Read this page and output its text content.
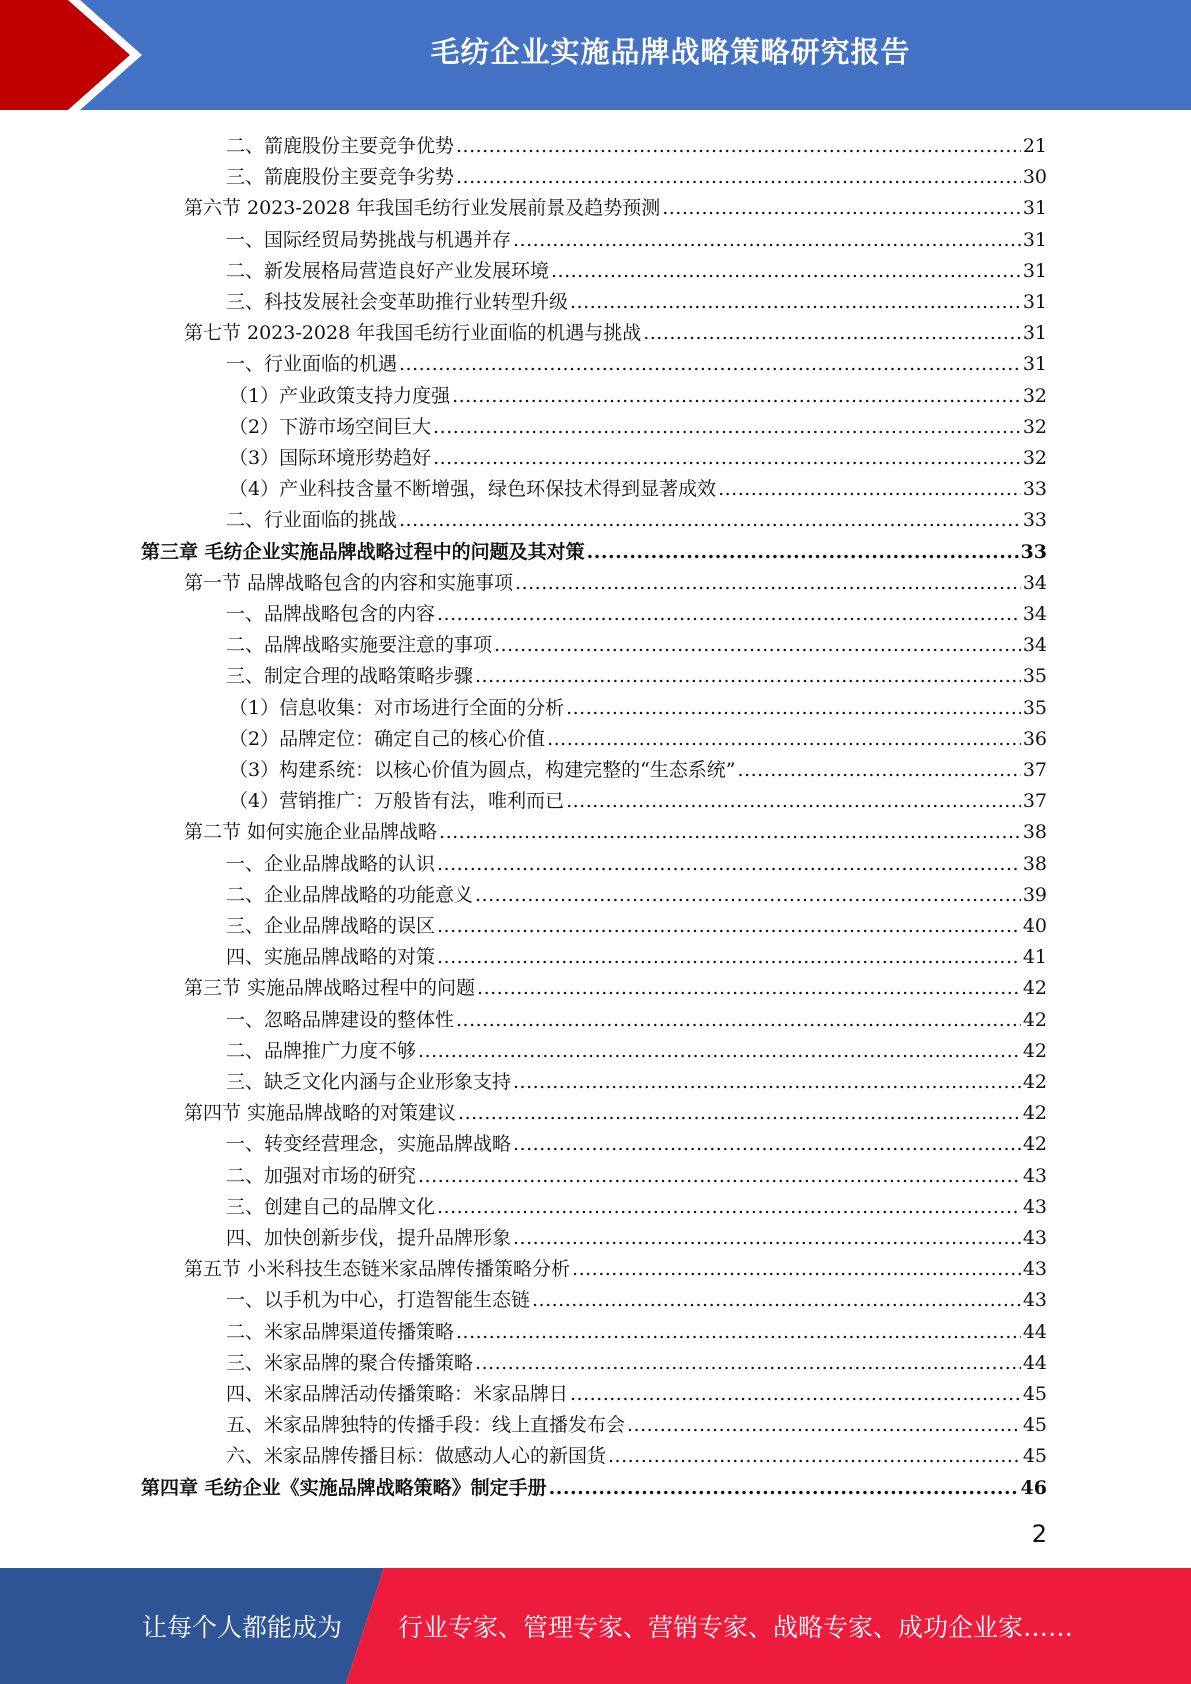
毛纺企业实施品牌战略策略研究报告
二、箭鹿股份主要竞争优势 .....	21
三、箭鹿股份主要竞争劣势 .....	30
第六节 2023-2028 年我国毛纺行业发展前景及趋势预测 .....	31
一、国际经贸局势挑战与机遇并存 .....	31
二、新发展格局营造良好产业发展环境 .....	31
三、科技发展社会变革助推行业转型升级 .....	31
第七节 2023-2028 年我国毛纺行业面临的机遇与挑战 .....	31
一、行业面临的机遇 .....	31
（1）产业政策支持力度强 .....	32
（2）下游市场空间巨大 .....	32
（3）国际环境形势趋好 .....	32
（4）产业科技含量不断增强，绿色环保技术得到显著成效 .....	33
二、行业面临的挑战 .....	33
第三章 毛纺企业实施品牌战略过程中的问题及其对策 .....	33
第一节 品牌战略包含的内容和实施事项 .....	34
一、品牌战略包含的内容 .....	34
二、品牌战略实施要注意的事项 .....	34
三、制定合理的战略策略步骤 .....	35
（1）信息收集：对市场进行全面的分析 .....	35
（2）品牌定位：确定自己的核心价值 .....	36
（3）构建系统：以核心价值为圆点，构建完整的“生态系统” .....	37
（4）营销推广：万般皆有法，唯利而已 .....	37
第二节 如何实施企业品牌战略 .....	38
一、企业品牌战略的认识 .....	38
二、企业品牌战略的功能意义 .....	39
三、企业品牌战略的误区 .....	40
四、实施品牌战略的对策 .....	41
第三节 实施品牌战略过程中的问题 .....	42
一、忽略品牌建设的整体性 .....	42
二、品牌推广力度不够 .....	42
三、缺乏文化内涵与企业形象支持 .....	42
第四节 实施品牌战略的对策建议 .....	42
一、转变经营理念，实施品牌战略 .....	42
二、加强对市场的研究 .....	43
三、创建自己的品牌文化 .....	43
四、加快创新步伐，提升品牌形象 .....	43
第五节 小米科技生态链米家品牌传播策略分析 .....	43
一、以手机为中心，打造智能生态链 .....	43
二、米家品牌渠道传播策略 .....	44
三、米家品牌的聚合传播策略 .....	44
四、米家品牌活动传播策略：米家品牌日 .....	45
五、米家品牌独特的传播手段：线上直播发布会 .....	45
六、米家品牌传播目标：做感动人心的新国货 .....	45
第四章 毛纺企业《实施品牌战略策略》制定手册 .....	46
2
让每个人都能成为 行业专家、管理专家、营销专家、战略专家、成功企业家……
